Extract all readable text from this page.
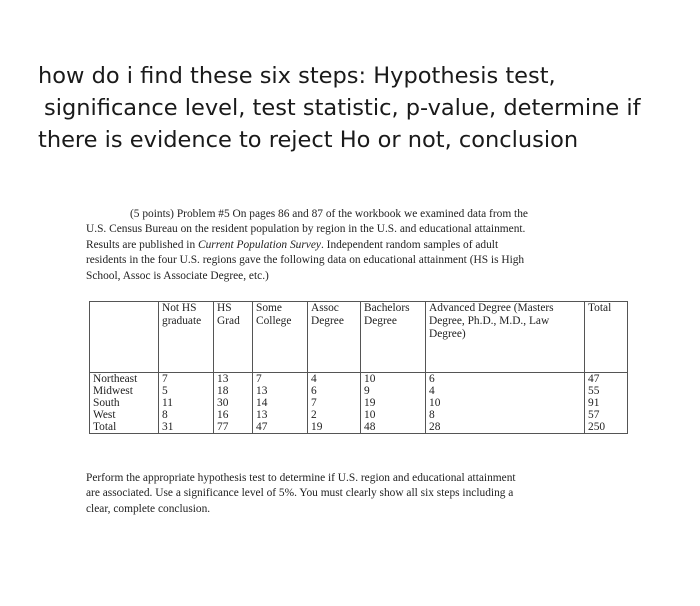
how do i find these six steps: Hypothesis test,
significance level, test statistic, p-value, determine if
there is evidence to reject Ho or not, conclusion
(5 points) Problem #5 On pages 86 and 87 of the workbook we examined data from the
U.S. Census Bureau on the resident population by region in the U.S. and educational attainment.
Results are published in Current Population Survey. Independent random samples of adult
residents in the four U.S. regions gave the following data on educational attainment (HS is High
School, Assoc is Associate Degree, etc.)
	Not HS graduate	HS Grad	Some College	Assoc Degree	Bachelors Degree	Advanced Degree (Masters Degree, Ph.D., M.D., Law Degree)	Total
Northeast	7	13	7	4	10	6	47
Midwest	5	18	13	6	9	4	55
South	11	30	14	7	19	10	91
West	8	16	13	2	10	8	57
Total	31	77	47	19	48	28	250
Perform the appropriate hypothesis test to determine if U.S. region and educational attainment
are associated. Use a significance level of 5%. You must clearly show all six steps including a
clear, complete conclusion.
